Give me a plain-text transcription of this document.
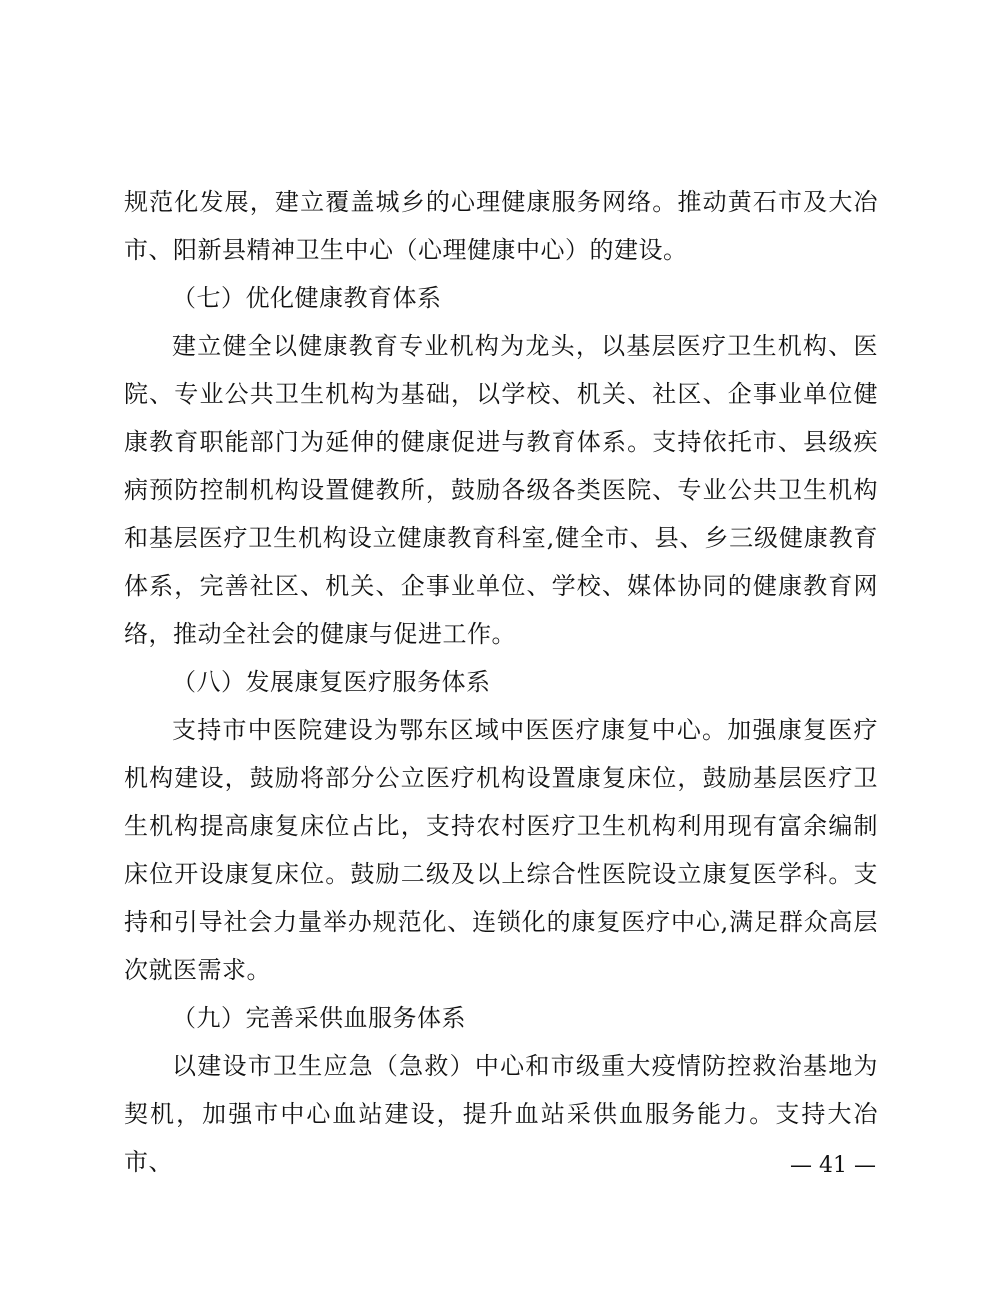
规范化发展，建立覆盖城乡的心理健康服务网络。推动黄石市及大冶市、阳新县精神卫生中心（心理健康中心）的建设。

（七）优化健康教育体系

建立健全以健康教育专业机构为龙头，以基层医疗卫生机构、医院、专业公共卫生机构为基础，以学校、机关、社区、企事业单位健康教育职能部门为延伸的健康促进与教育体系。支持依托市、县级疾病预防控制机构设置健教所，鼓励各级各类医院、专业公共卫生机构和基层医疗卫生机构设立健康教育科室,健全市、县、乡三级健康教育体系，完善社区、机关、企事业单位、学校、媒体协同的健康教育网络，推动全社会的健康与促进工作。

（八）发展康复医疗服务体系

支持市中医院建设为鄂东区域中医医疗康复中心。加强康复医疗机构建设，鼓励将部分公立医疗机构设置康复床位，鼓励基层医疗卫生机构提高康复床位占比，支持农村医疗卫生机构利用现有富余编制床位开设康复床位。鼓励二级及以上综合性医院设立康复医学科。支持和引导社会力量举办规范化、连锁化的康复医疗中心,满足群众高层次就医需求。

（九）完善采供血服务体系

以建设市卫生应急（急救）中心和市级重大疫情防控救治基地为契机，加强市中心血站建设，提升血站采供血服务能力。支持大冶市、	— 41 —
